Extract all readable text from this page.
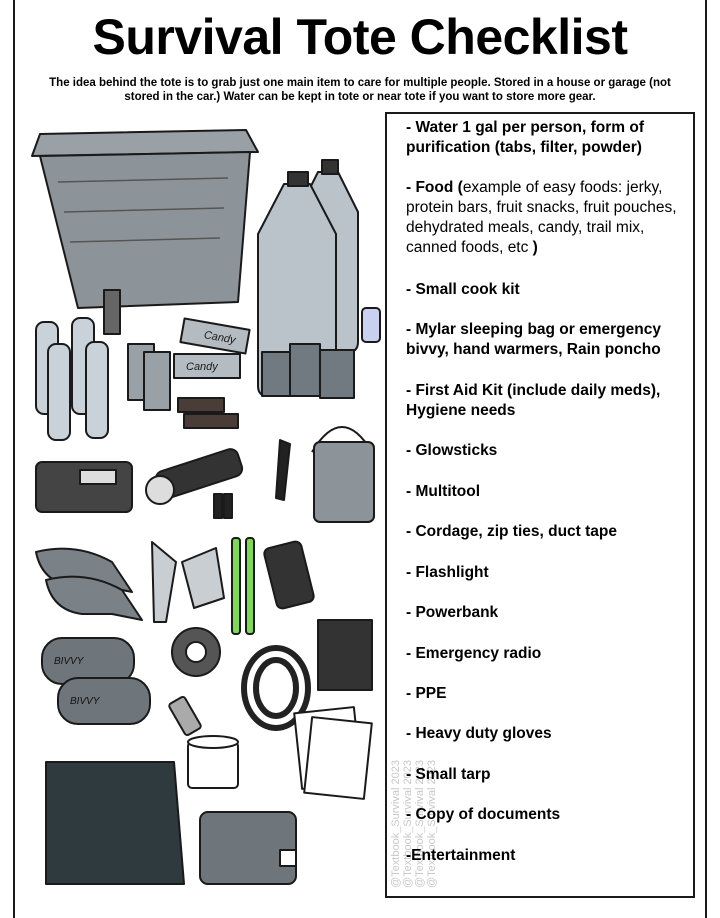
Survival Tote Checklist

The idea behind the tote is to grab just one main item to care for multiple people. Stored in a house or garage (not stored in the car.) Water can be kept in tote or near tote if you want to store more gear.

@Textbook_Survival 2023 @Textbook_Survival 2023 @Textbook_Survival 2023 @Textbook_Survival 2023
- Water 1 gal per person, form of purification (tabs, filter, powder)
- Food (example of easy foods: jerky, protein bars, fruit snacks, fruit pouches, dehydrated meals, candy, trail mix, canned foods, etc )
- Small cook kit
- Mylar sleeping bag or emergency bivvy, hand warmers, Rain poncho
- First Aid Kit (include daily meds), Hygiene needs
- Glowsticks
- Multitool
- Cordage, zip ties, duct tape
- Flashlight
- Powerbank
- Emergency radio
- PPE
- Heavy duty gloves
- Small tarp
- Copy of documents
-Entertainment
Candy
Candy
BIVVY
BIVVY
